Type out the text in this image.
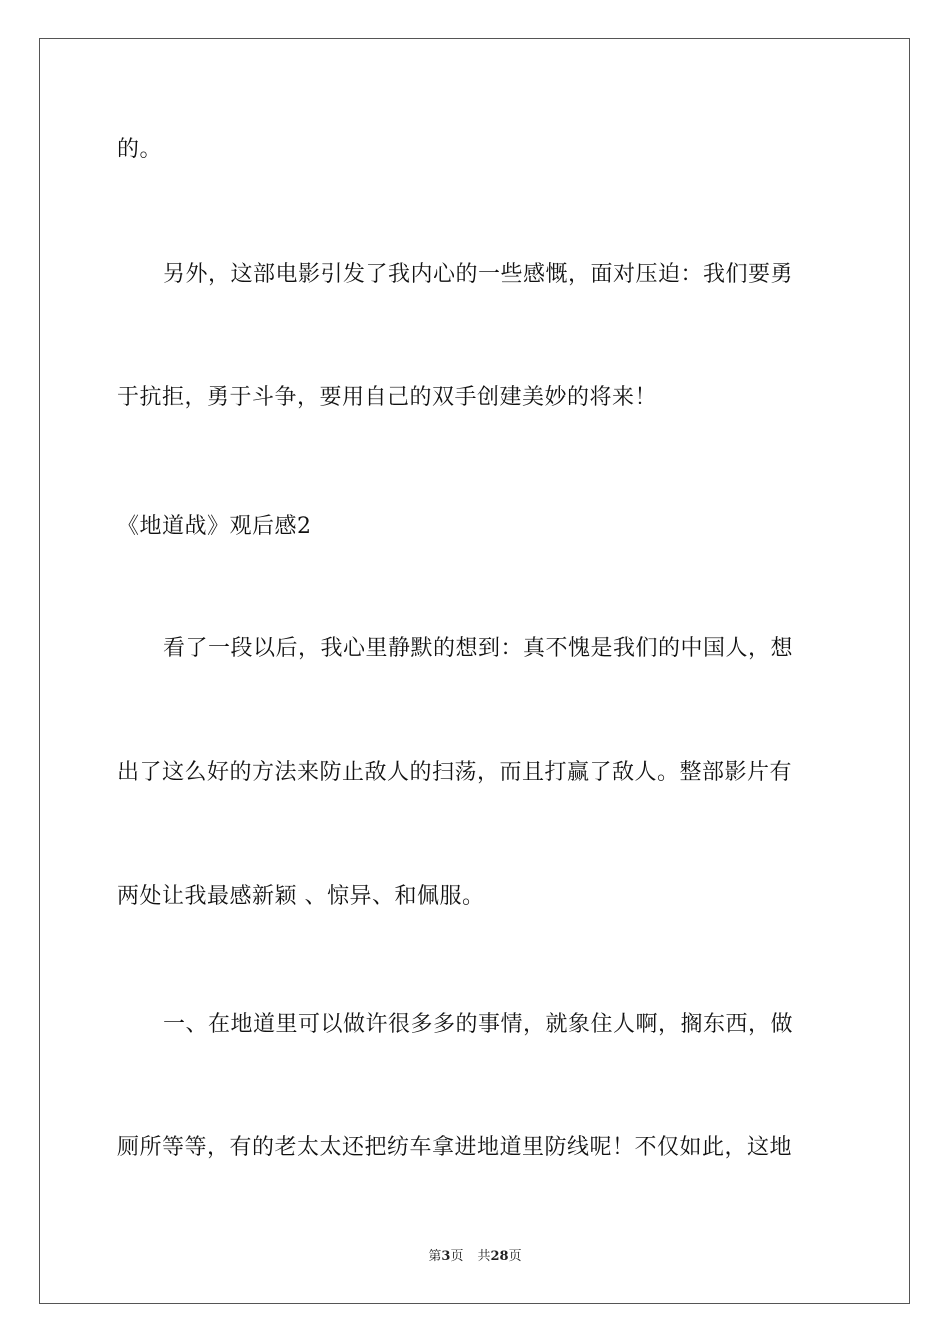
的。
另外，这部电影引发了我内心的一些感慨，面对压迫：我们要勇
于抗拒，勇于斗争，要用自己的双手创建美妙的将来！
《地道战》观后感2
看了一段以后，我心里静默的想到：真不愧是我们的中国人，想
出了这么好的方法来防止敌人的扫荡，而且打赢了敌人。整部影片有
两处让我最感新颖 、惊异、和佩服。
一、在地道里可以做许很多多的事情，就象住人啊，搁东西，做
厕所等等，有的老太太还把纺车拿进地道里防线呢！不仅如此，这地
第3页 共28页
